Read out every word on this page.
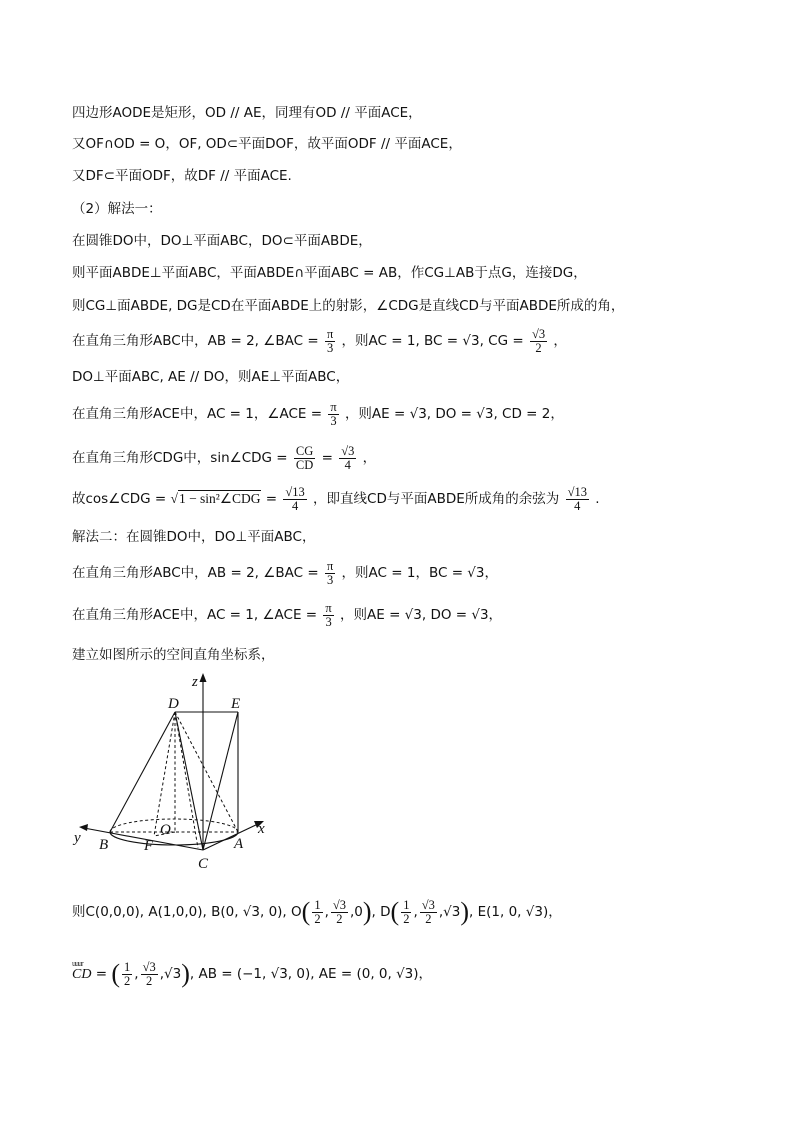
四边形AODE是矩形，OD // AE，同理有OD // 平面ACE，
又OF∩OD = O，OF, OD⊂平面DOF，故平面ODF // 平面ACE，
又DF⊂平面ODF，故DF // 平面ACE.
（2）解法一：
在圆锥DO中，DO⊥平面ABC，DO⊂平面ABDE，
则平面ABDE⊥平面ABC，平面ABDE∩平面ABC = AB，作CG⊥AB于点G，连接DG，
则CG⊥面ABDE, DG是CD在平面ABDE上的射影，∠CDG是直线CD与平面ABDE所成的角，
在直角三角形ABC中，AB = 2, ∠BAC = $\frac{\pi}{3}$ ，则AC = 1, BC = √3, CG = $\frac{√3}{2}$ ，
DO⊥平面ABC, AE // DO，则AE⊥平面ABC，
在直角三角形ACE中，AC = 1，∠ACE = $\frac{\pi}{3}$ ，则AE = √3, DO = √3, CD = 2，
在直角三角形CDG中，sin∠CDG = $\frac{CG}{CD} = \frac{√3}{4}$ ，
故cos∠CDG = √1 − sin²∠CDG = $\frac{√13}{4}$ ，即直线CD与平面ABDE所成角的余弦为 $\frac{√13}{4}$ .
解法二：在圆锥DO中，DO⊥平面ABC，
在直角三角形ABC中，AB = 2, ∠BAC = $\frac{\pi}{3}$ ，则AC = 1，BC = √3，
在直角三角形ACE中，AC = 1, ∠ACE = $\frac{\pi}{3}$ ，则AE = √3, DO = √3，
建立如图所示的空间直角坐标系，
z
D	E
O	x
y B F
C
A
则C(0,0,0), A(1,0,0), B(0, √3, 0), $O( \frac{1}{2}$ , $\frac{√3}{2} ,0$), $D( \frac{1}{2}$ , $\frac{√3}{2} ,√3$), E(1, 0, √3)，
uuur
CD = ( $\frac{1}{2}$ , $\frac{√3}{2} ,√3$), AB = (−1, √3, 0), AE = (0, 0, √3)，
